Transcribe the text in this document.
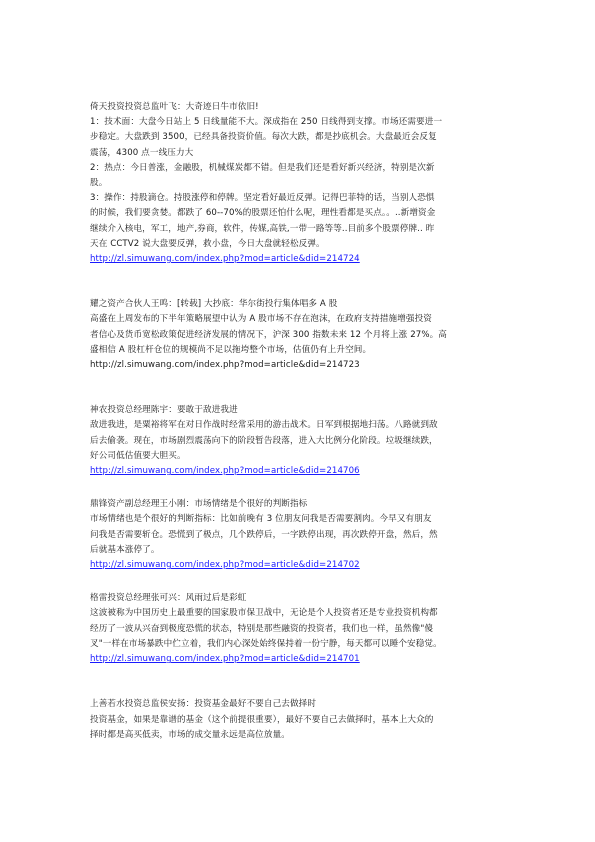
倚天投资投资总监叶飞：大奇迹日牛市依旧!

1：技术面：大盘今日站上 5 日线量能不大。深成指在 250 日线得到支撑。市场还需要进一

步稳定。大盘跌到 3500，已经具备投资价值。每次大跌，都是抄底机会。大盘最近会反复

震荡，4300 点一线压力大

2：热点：今日普涨，金融股，机械煤炭都不错。但是我们还是看好新兴经济，特别是次新

股。

3：操作：持股滴仓。持股涨停和停牌。坚定看好最近反弹。记得巴菲特的话，当别人恐惧

的时候，我们要贪婪。都跌了 60--70%的股票还怕什么呢，理性看都是买点。。..新增资金

继续介入核电，军工，地产,券商，软件，传媒,高铁,一带一路等等..目前多个股票停牌.. 昨

天在 CCTV2 说大盘要反弹，救小盘，今日大盘就轻松反弹。

http://zl.simuwang.com/index.php?mod=article&did=214724

耀之资产合伙人王鸣：[转载] 大抄底：华尔街投行集体唱多 A 股

高盛在上周发布的下半年策略展望中认为 A 股市场不存在泡沫，在政府支持措施增强投资

者信心及货币宽松政策促进经济发展的情况下，沪深 300 指数未来 12 个月将上涨 27%。高

盛相信 A 股杠杆仓位的规模尚不足以拖垮整个市场，估值仍有上升空间。

http://zl.simuwang.com/index.php?mod=article&did=214723

神农投资总经理陈宇：要敢于敌进我进

敌进我进，是粟裕将军在对日作战时经常采用的游击战术。日军到根据地扫荡。八路就到敌

后去偷袭。现在，市场剧烈震荡向下的阶段暂告段落，进入大比例分化阶段。垃圾继续跌，

好公司低估值要大胆买。

http://zl.simuwang.com/index.php?mod=article&did=214706

鼎锋资产副总经理王小刚：市场情绪是个很好的判断指标

市场情绪也是个很好的判断指标：比如前晚有 3 位朋友问我是否需要割肉。今早又有朋友

问我是否需要斩仓。恐慌到了极点，几个跌停后，一字跌停出现，再次跌停开盘，然后，然

后就基本涨停了。

http://zl.simuwang.com/index.php?mod=article&did=214702

格雷投资总经理张可兴：风雨过后是彩虹

这波被称为中国历史上最重要的国家股市保卫战中，无论是个人投资者还是专业投资机构都

经历了一波从兴奋到极度恐慌的状态，特别是那些融资的投资者，我们也一样，虽然像"傻

叉"一样在市场暴跌中伫立着，我们内心深处始终保持着一份宁静，每天都可以睡个安稳觉。

http://zl.simuwang.com/index.php?mod=article&did=214701

上善若水投资总监侯安扬：投资基金最好不要自己去做择时

投资基金，如果是靠谱的基金（这个前提很重要），最好不要自己去做择时，基本上大众的

择时都是高买低卖，市场的成交量永远是高位放量。
